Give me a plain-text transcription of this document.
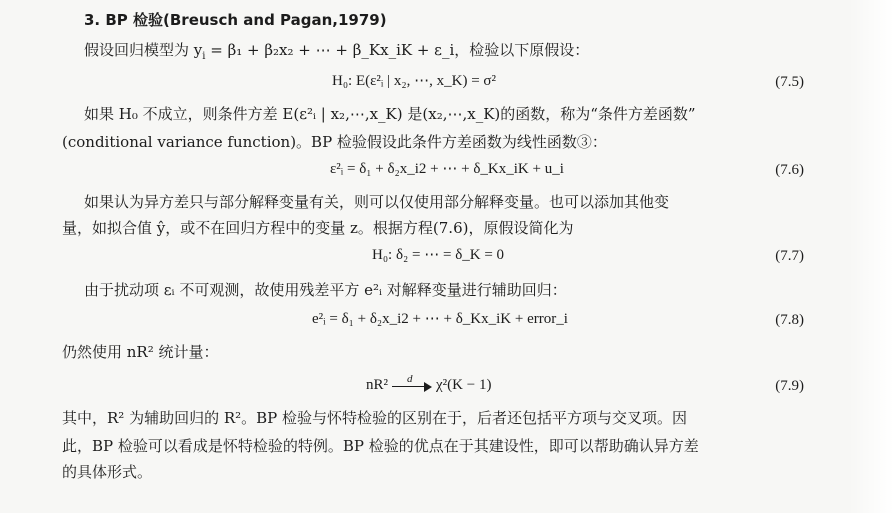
3. BP 检验(Breusch and Pagan,1979)
假设回归模型为 $y_i = \beta_1 + \beta_2x_2$ + ⋯ + β_Kx_iK + ε_i，检验以下原假设：
H₀: E(ε²ᵢ | x₂, ⋯, x_K) = σ²	(7.5)
如果 H₀ 不成立，则条件方差 E(ε²ᵢ | x₂,⋯,x_K) 是(x₂,⋯,x_K)的函数，称为“条件方差函数”
(conditional variance function)。BP 检验假设此条件方差函数为线性函数③：
ε²ᵢ = δ₁ + δ₂x_i2 + ⋯ + δ_Kx_iK + u_i	(7.6)
如果认为异方差只与部分解释变量有关，则可以仅使用部分解释变量。也可以添加其他变
量，如拟合值 ŷ，或不在回归方程中的变量 z。根据方程(7.6)，原假设简化为
H₀: δ₂ = ⋯ = δ_K = 0	(7.7)
由于扰动项 εᵢ 不可观测，故使用残差平方 e²ᵢ 对解释变量进行辅助回归：
e²ᵢ = δ₁ + δ₂x_i2 + ⋯ + δ_Kx_iK + error_i	(7.8)
仍然使用 nR² 统计量：
nR² d χ²(K − 1)	(7.9)
其中，R² 为辅助回归的 R²。BP 检验与怀特检验的区别在于，后者还包括平方项与交叉项。因
此，BP 检验可以看成是怀特检验的特例。BP 检验的优点在于其建设性，即可以帮助确认异方差
的具体形式。
